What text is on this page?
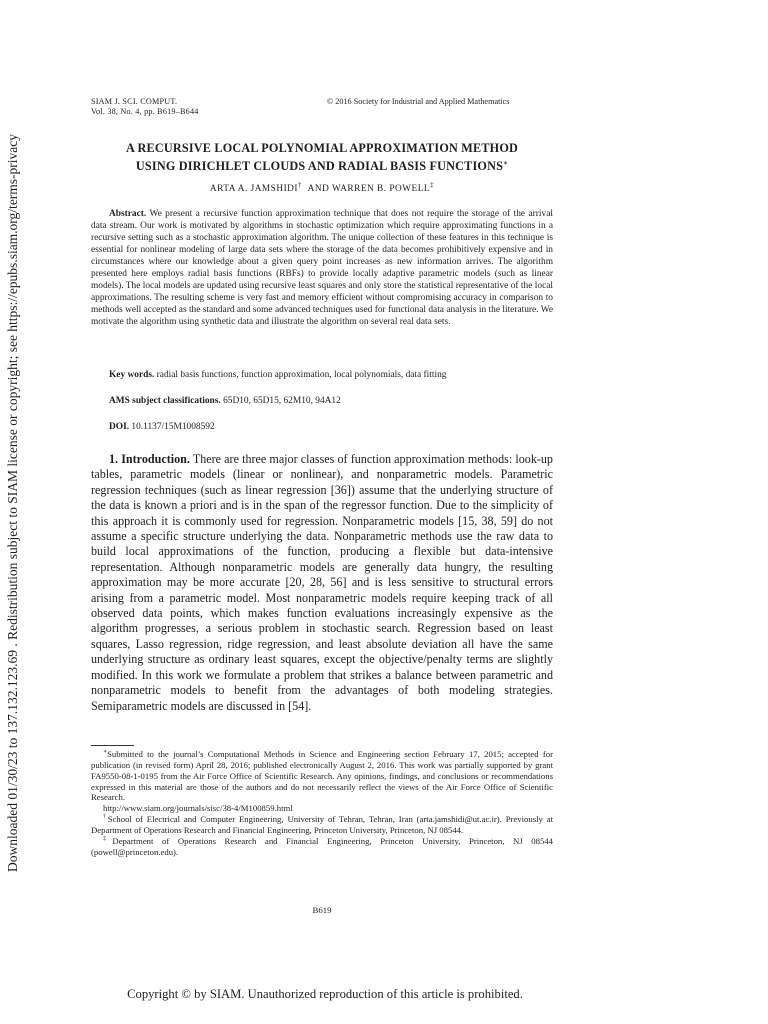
Downloaded 01/30/23 to 137.132.123.69 . Redistribution subject to SIAM license or copyright; see https://epubs.siam.org/terms-privacy
SIAM J. SCI. COMPUT.
Vol. 38, No. 4, pp. B619–B644
© 2016 Society for Industrial and Applied Mathematics
A RECURSIVE LOCAL POLYNOMIAL APPROXIMATION METHOD
USING DIRICHLET CLOUDS AND RADIAL BASIS FUNCTIONS∗
ARTA A. JAMSHIDI† AND WARREN B. POWELL‡

Abstract. We present a recursive function approximation technique that does not require the storage of the arrival data stream. Our work is motivated by algorithms in stochastic optimization which require approximating functions in a recursive setting such as a stochastic approximation algorithm. The unique collection of these features in this technique is essential for nonlinear modeling of large data sets where the storage of the data becomes prohibitively expensive and in circumstances where our knowledge about a given query point increases as new information arrives. The algorithm presented here employs radial basis functions (RBFs) to provide locally adaptive parametric models (such as linear models). The local models are updated using recursive least squares and only store the statistical representative of the local approximations. The resulting scheme is very fast and memory efficient without compromising accuracy in comparison to methods well accepted as the standard and some advanced techniques used for functional data analysis in the literature. We motivate the algorithm using synthetic data and illustrate the algorithm on several real data sets.

Key words. radial basis functions, function approximation, local polynomials, data fitting
AMS subject classifications. 65D10, 65D15, 62M10, 94A12
DOI. 10.1137/15M1008592

1. Introduction. There are three major classes of function approximation methods: look-up tables, parametric models (linear or nonlinear), and nonparametric models. Parametric regression techniques (such as linear regression [36]) assume that the underlying structure of the data is known a priori and is in the span of the regressor function. Due to the simplicity of this approach it is commonly used for regression. Nonparametric models [15, 38, 59] do not assume a specific structure underlying the data. Nonparametric methods use the raw data to build local approximations of the function, producing a flexible but data-intensive representation. Although nonparametric models are generally data hungry, the resulting approximation may be more accurate [20, 28, 56] and is less sensitive to structural errors arising from a parametric model. Most nonparametric models require keeping track of all observed data points, which makes function evaluations increasingly expensive as the algorithm progresses, a serious problem in stochastic search. Regression based on least squares, Lasso regression, ridge regression, and least absolute deviation all have the same underlying structure as ordinary least squares, except the objective/penalty terms are slightly modified. In this work we formulate a problem that strikes a balance between parametric and nonparametric models to benefit from the advantages of both modeling strategies. Semiparametric models are discussed in [54].

∗Submitted to the journal’s Computational Methods in Science and Engineering section February 17, 2015; accepted for publication (in revised form) April 28, 2016; published electronically August 2, 2016. This work was partially supported by grant FA9550-08-1-0195 from the Air Force Office of Scientific Research. Any opinions, findings, and conclusions or recommendations expressed in this material are those of the authors and do not necessarily reflect the views of the Air Force Office of Scientific Research.

http://www.siam.org/journals/sisc/38-4/M100859.html

†School of Electrical and Computer Engineering, University of Tehran, Tehran, Iran (arta.jamshidi@ut.ac.ir). Previously at Department of Operations Research and Financial Engineering, Princeton University, Princeton, NJ 08544.

‡Department of Operations Research and Financial Engineering, Princeton University, Princeton, NJ 08544 (powell@princeton.edu).

B619
Copyright © by SIAM. Unauthorized reproduction of this article is prohibited.
